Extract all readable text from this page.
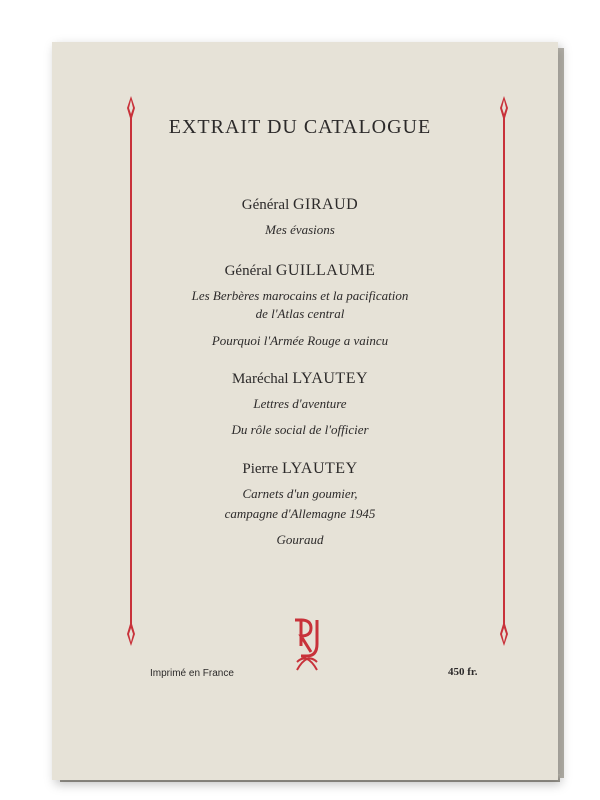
EXTRAIT DU CATALOGUE
Général GIRAUD
Mes évasions
Général GUILLAUME
Les Berbères marocains et la pacification
de l'Atlas central
Pourquoi l'Armée Rouge a vaincu
Maréchal LYAUTEY
Lettres d'aventure
Du rôle social de l'officier
Pierre LYAUTEY
Carnets d'un goumier,
campagne d'Allemagne 1945
Gouraud
Imprimé en France	450 fr.
